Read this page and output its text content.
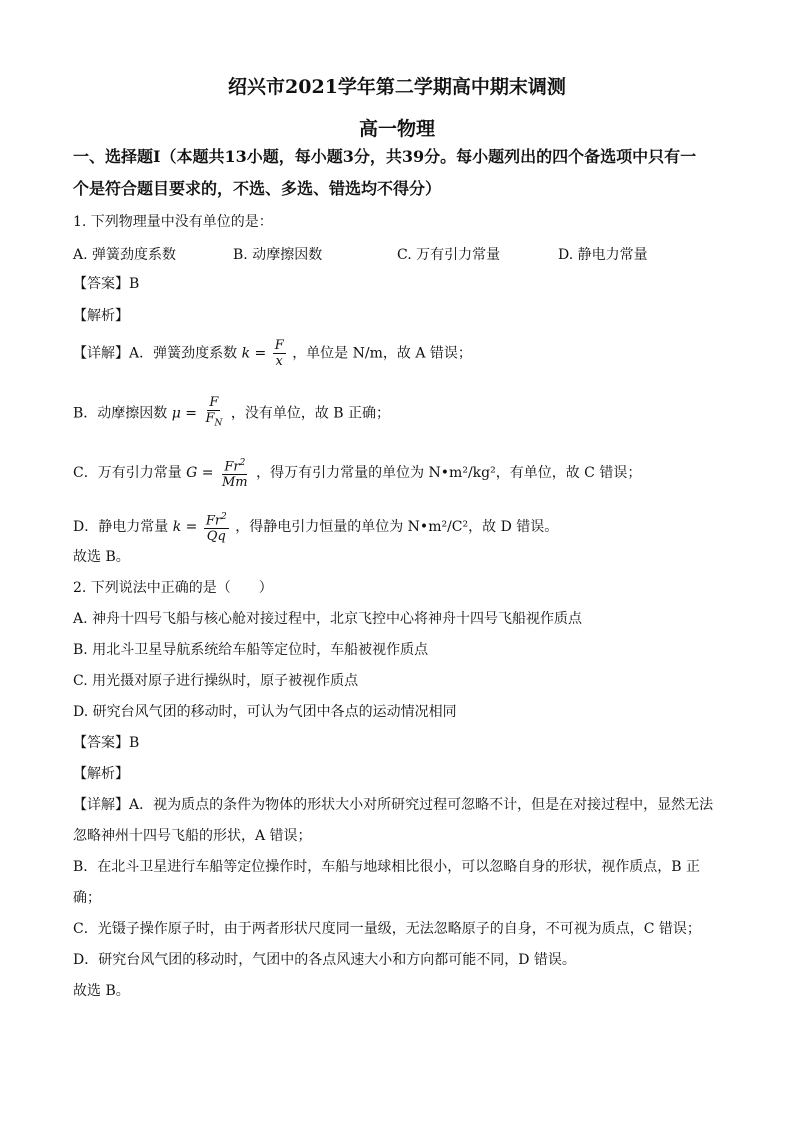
绍兴市2021学年第二学期高中期末调测
高一物理
一、选择题Ⅰ（本题共13小题，每小题3分，共39分。每小题列出的四个备选项中只有一
个是符合题目要求的，不选、多选、错选均不得分）
1. 下列物理量中没有单位的是：
A. 弹簧劲度系数	B. 动摩擦因数	C. 万有引力常量	D. 静电力常量
【答案】B
【解析】
【详解】A．弹簧劲度系数 $k = \frac{F}{x}$ ，单位是 N/m，故 A 错误；
B．动摩擦因数 $\mu = \frac{F}{F_N}$ ，没有单位，故 B 正确；
C．万有引力常量 $G = \frac{Fr^2}{Mm}$ ，得万有引力常量的单位为 N•m²/kg²，有单位，故 C 错误；
D．静电力常量 $k = \frac{Fr^2}{Qq}$ ，得静电引力恒量的单位为 N•m²/C²，故 D 错误。
故选 B。
2. 下列说法中正确的是（　　）
A. 神舟十四号飞船与核心舱对接过程中，北京飞控中心将神舟十四号飞船视作质点
B. 用北斗卫星导航系统给车船等定位时，车船被视作质点
C. 用光摄对原子进行操纵时，原子被视作质点
D. 研究台风气团的移动时，可认为气团中各点的运动情况相同
【答案】B
【解析】
【详解】A．视为质点的条件为物体的形状大小对所研究过程可忽略不计，但是在对接过程中，显然无法
忽略神州十四号飞船的形状，A 错误；
B．在北斗卫星进行车船等定位操作时，车船与地球相比很小，可以忽略自身的形状，视作质点，B 正
确；
C．光镊子操作原子时，由于两者形状尺度同一量级，无法忽略原子的自身，不可视为质点，C 错误；
D．研究台风气团的移动时，气团中的各点风速大小和方向都可能不同，D 错误。
故选 B。
